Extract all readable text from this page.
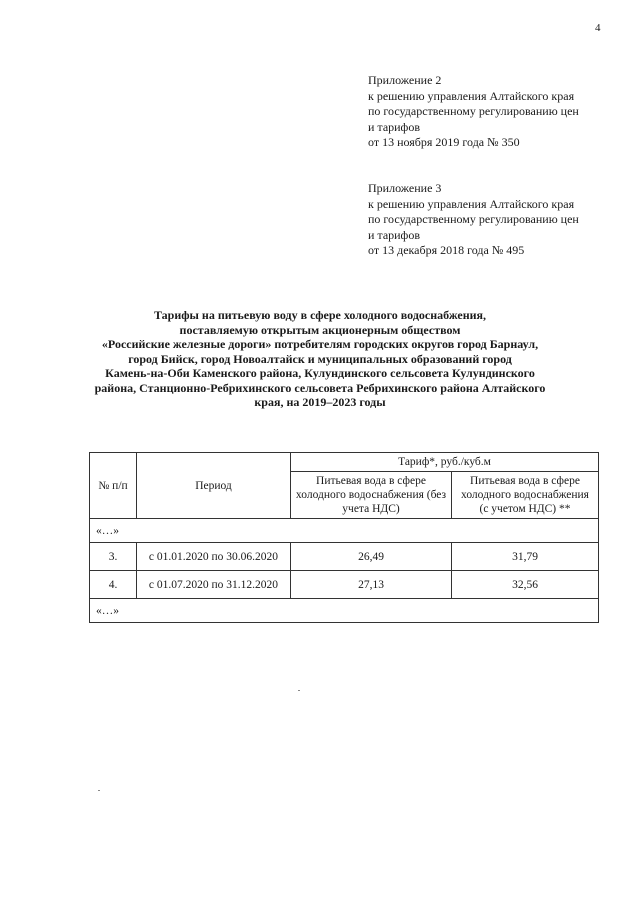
4
Приложение 2
к решению управления Алтайского края
по государственному регулированию цен
и тарифов
от 13 ноября 2019 года № 350
Приложение 3
к решению управления Алтайского края
по государственному регулированию цен
и тарифов
от 13 декабря 2018 года № 495
Тарифы на питьевую воду в сфере холодного водоснабжения,
поставляемую открытым акционерным обществом
«Российские железные дороги» потребителям городских округов город Барнаул,
город Бийск, город Новоалтайск и муниципальных образований город
Камень-на-Оби Каменского района, Кулундинского сельсовета Кулундинского
района, Станционно-Ребрихинского сельсовета Ребрихинского района Алтайского
края, на 2019–2023 годы
№ п/п	Период	Тариф*, руб./куб.м	
		Питьевая вода в сфере холодного водоснабжения (без учета НДС)	Питьевая вода в сфере холодного водоснабжения (с учетом НДС) **
«…»			
3.	с 01.01.2020 по 30.06.2020	26,49	31,79
4.	с 01.07.2020 по 31.12.2020	27,13	32,56
«…»			
